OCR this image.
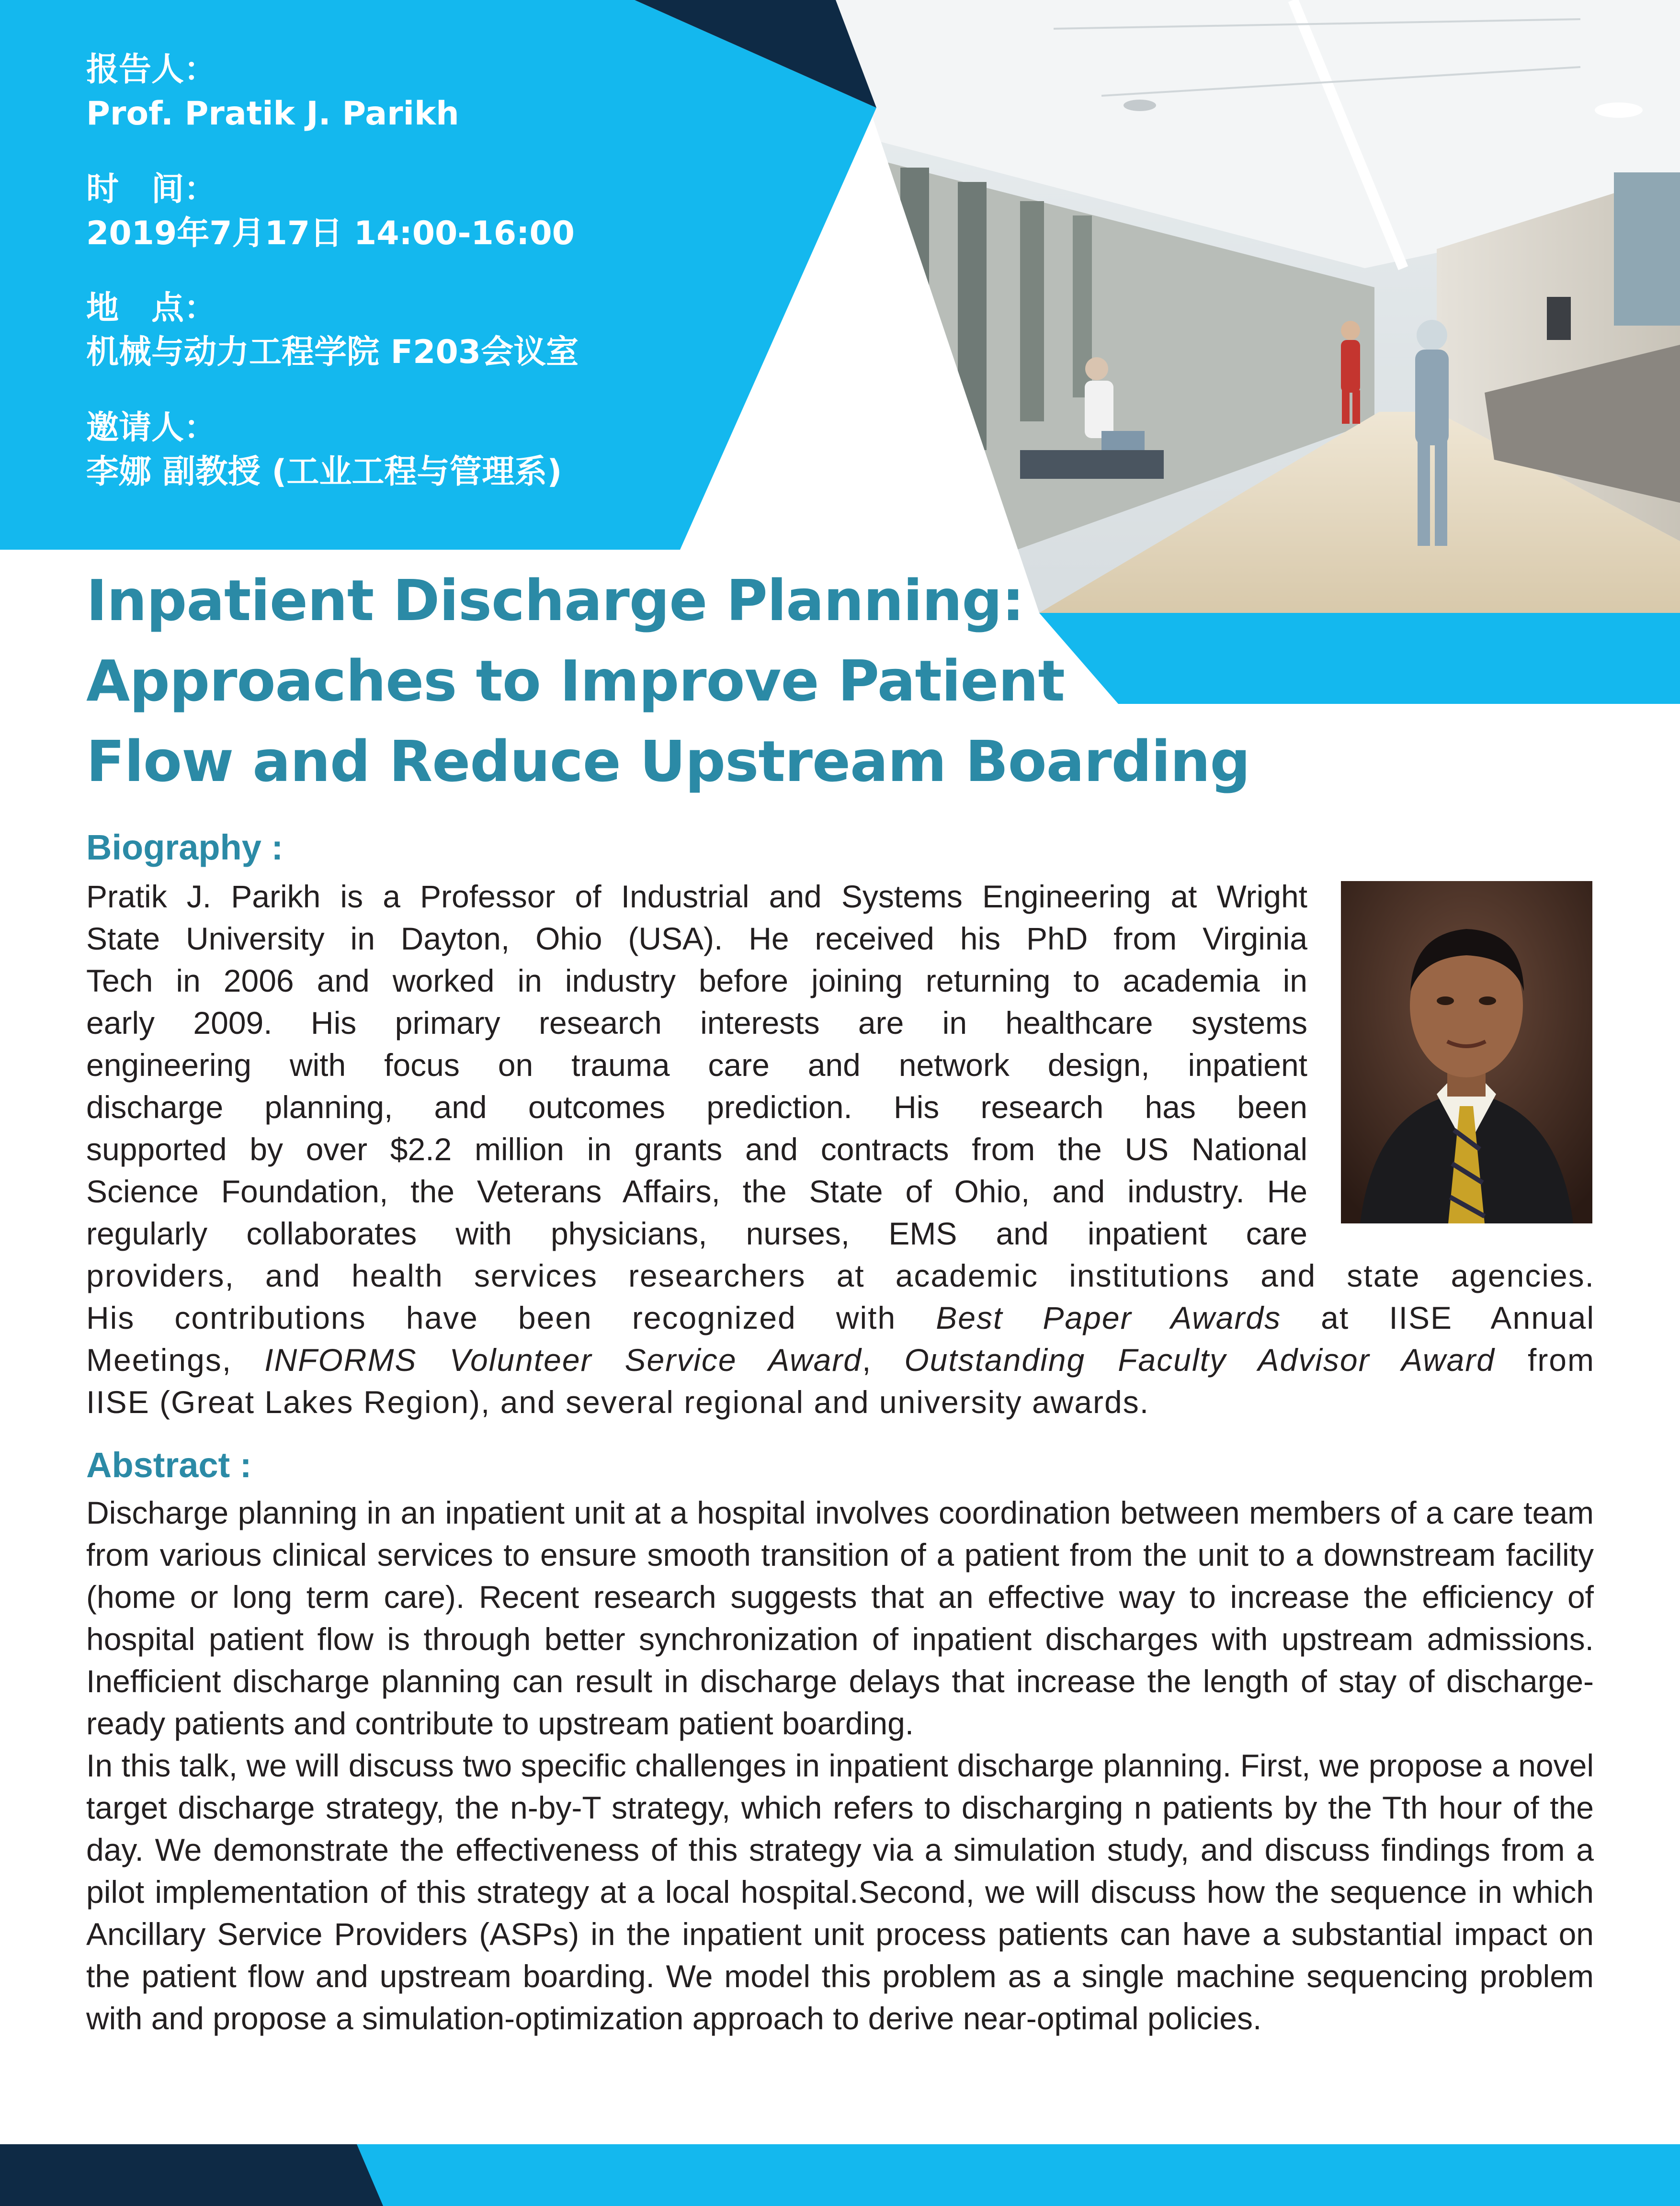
报告人：
Prof. Pratik J. Parikh
时　间：
2019年7月17日 14:00-16:00
地　点：
机械与动力工程学院 F203会议室
邀请人：
李娜 副教授 (工业工程与管理系)
Inpatient Discharge Planning:
Approaches to Improve Patient
Flow and Reduce Upstream Boarding
Biography :
Pratik J. Parikh is a Professor of Industrial and Systems Engineering at Wright
State University in Dayton, Ohio (USA). He received his PhD from Virginia
Tech in 2006 and worked in industry before joining returning to academia in
early 2009. His primary research interests are in healthcare systems
engineering with focus on trauma care and network design, inpatient
discharge planning, and outcomes prediction. His research has been
supported by over $2.2 million in grants and contracts from the US National
Science Foundation, the Veterans Affairs, the State of Ohio, and industry. He
regularly collaborates with physicians, nurses, EMS and inpatient care
providers, and health services researchers at academic institutions and state agencies.
His contributions have been recognized with Best Paper Awards at IISE Annual
Meetings, INFORMS Volunteer Service Award, Outstanding Faculty Advisor Award from
IISE (Great Lakes Region), and several regional and university awards.
Abstract :

Discharge planning in an inpatient unit at a hospital involves coordination between members of a care team from various clinical services to ensure smooth transition of a patient from the unit to a downstream facility (home or long term care). Recent research suggests that an effective way to increase the efficiency of hospital patient flow is through better synchronization of inpatient discharges with upstream admissions. Inefficient discharge planning can result in discharge delays that increase the length of stay of discharge-ready patients and contribute to upstream patient boarding.

In this talk, we will discuss two specific challenges in inpatient discharge planning. First, we propose a novel target discharge strategy, the n-by-T strategy, which refers to discharging n patients by the Tth hour of the day. We demonstrate the effectiveness of this strategy via a simulation study, and discuss findings from a pilot implementation of this strategy at a local hospital.Second, we will discuss how the sequence in which Ancillary Service Providers (ASPs) in the inpatient unit process patients can have a substantial impact on the patient flow and upstream boarding. We model this problem as a single machine sequencing problem with and propose a simulation-optimization approach to derive near-optimal policies.
